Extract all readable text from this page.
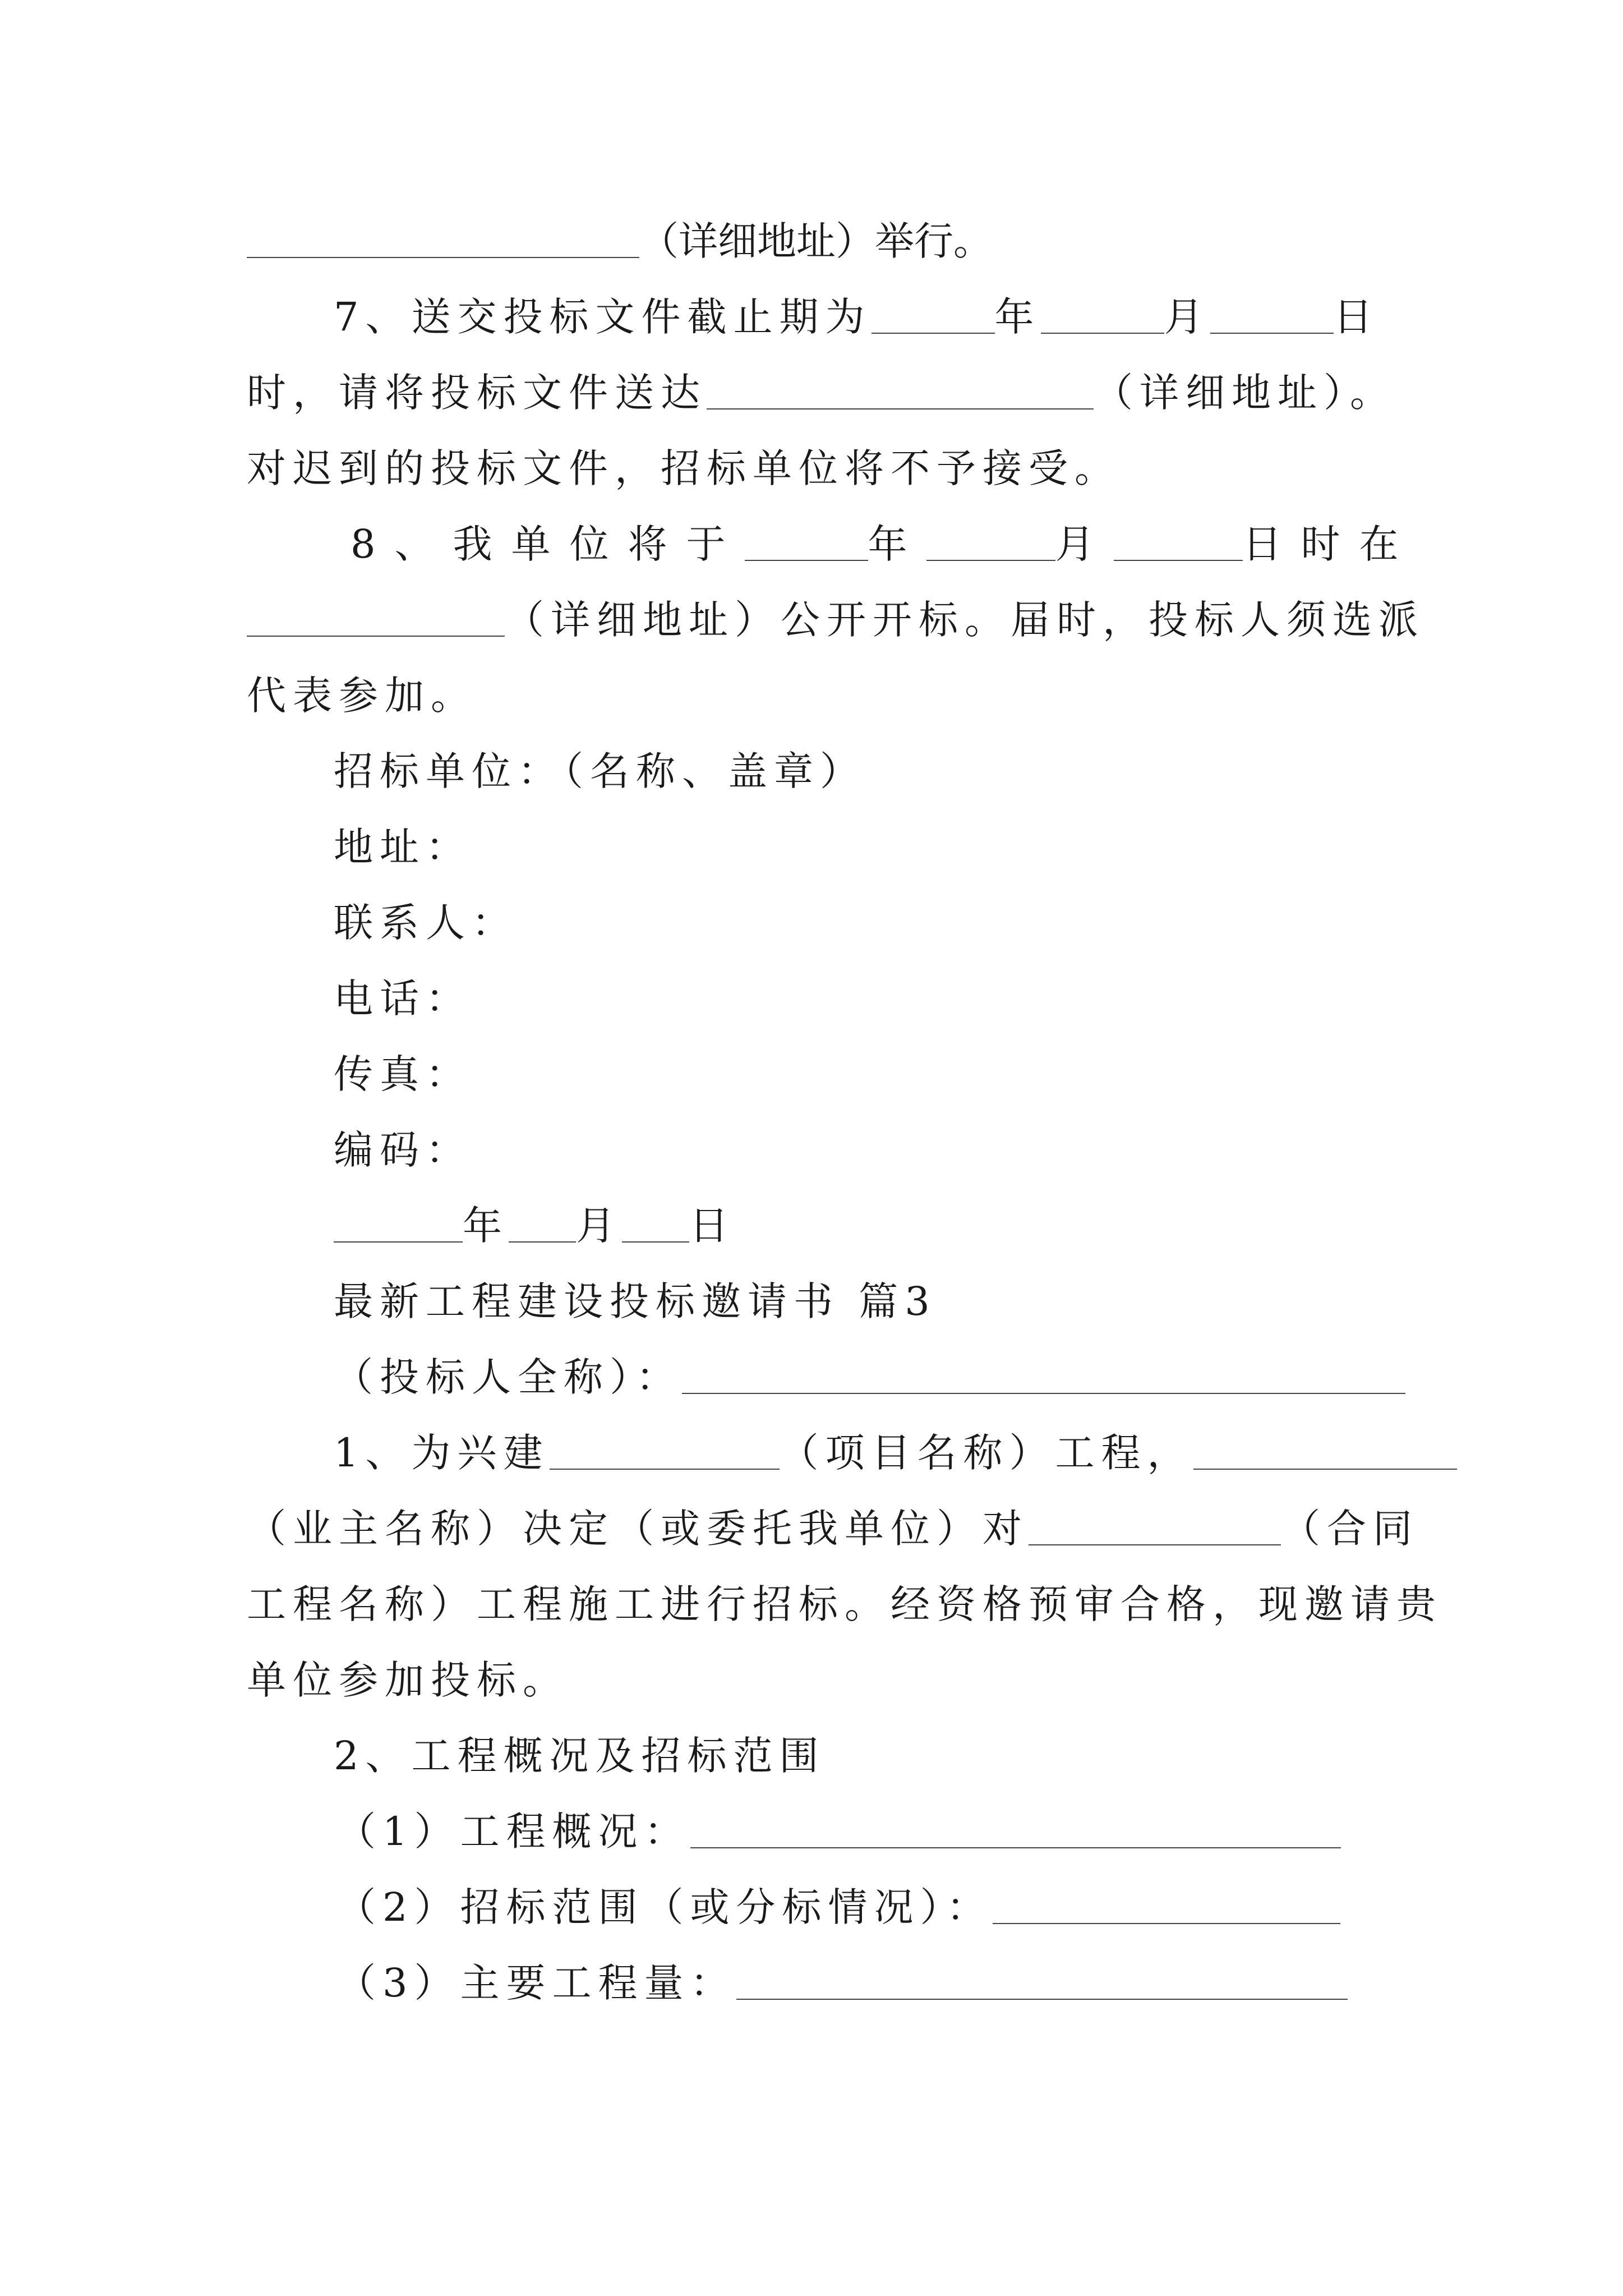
（详细地址）举行。
7、送交投标文件截止期为	年	月	日
时，请将投标文件送达	（详细地址）。
对迟到的投标文件，招标单位将不予接受。
8、我单位将于	年	月	日时在
（详细地址）公开开标。届时，投标人须选派
代表参加。
招标单位：（名称、盖章）
地址：
联系人：
电话：
传真：
编码：
年 月 日
最新工程建设投标邀请书 篇3
（投标人全称）：
1、为兴建	（项目名称）工程，
（业主名称）决定（或委托我单位）对	（合同
工程名称）工程施工进行招标。经资格预审合格，现邀请贵
单位参加投标。
2、工程概况及招标范围
（1）工程概况：
（2）招标范围（或分标情况）：
（3）主要工程量：
